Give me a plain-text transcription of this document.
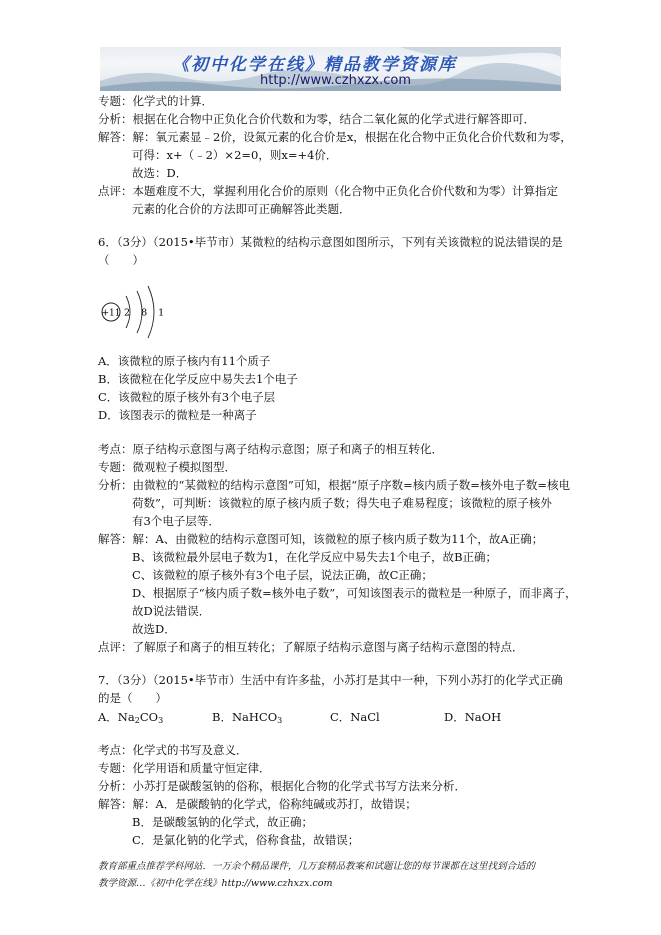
《初中化学在线》精品教学资源库
http://www.czhxzx.com
专题：化学式的计算．
分析：根据在化合物中正负化合价代数和为零，结合二氧化氮的化学式进行解答即可．
解答：解：氧元素显﹣2价，设氮元素的化合价是x，根据在化合物中正负化合价代数和为零，
可得：x+（﹣2）×2=0，则x=+4价．
故选：D．
点评：本题难度不大，掌握利用化合价的原则（化合物中正负化合价代数和为零）计算指定
元素的化合价的方法即可正确解答此类题．
6．（3分）（2015•毕节市）某微粒的结构示意图如图所示，下列有关该微粒的说法错误的是
（　　）
+11 2 8 1
A．该微粒的原子核内有11个质子
B．该微粒在化学反应中易失去1个电子
C．该微粒的原子核外有3个电子层
D．该图表示的微粒是一种离子
考点：原子结构示意图与离子结构示意图；原子和离子的相互转化．
专题：微观粒子模拟图型．
分析：由微粒的“某微粒的结构示意图”可知，根据“原子序数=核内质子数=核外电子数=核电
荷数”，可判断：该微粒的原子核内质子数；得失电子难易程度；该微粒的原子核外
有3个电子层等．
解答：解：A、由微粒的结构示意图可知，该微粒的原子核内质子数为11个，故A正确；
B、该微粒最外层电子数为1，在化学反应中易失去1个电子，故B正确；
C、该微粒的原子核外有3个电子层，说法正确，故C正确；
D、根据原子“核内质子数=核外电子数”，可知该图表示的微粒是一种原子，而非离子，
故D说法错误．
故选D．
点评：了解原子和离子的相互转化；了解原子结构示意图与离子结构示意图的特点．
7．（3分）（2015•毕节市）生活中有许多盐，小苏打是其中一种，下列小苏打的化学式正确
的是（　　）
A．$Na_2CO_3$	B．NaHCO$_3$	C．NaCl	D．NaOH
考点：化学式的书写及意义．
专题：化学用语和质量守恒定律．
分析：小苏打是碳酸氢钠的俗称，根据化合物的化学式书写方法来分析．
解答：解：A．是碳酸钠的化学式，俗称纯碱或苏打，故错误；
B．是碳酸氢钠的化学式，故正确；
C．是氯化钠的化学式，俗称食盐，故错误；
教育部重点推荐学科网站．一万余个精品课件，几万套精品教案和试题让您的每节课都在这里找到合适的
教学资源…《初中化学在线》http://www.czhxzx.com
